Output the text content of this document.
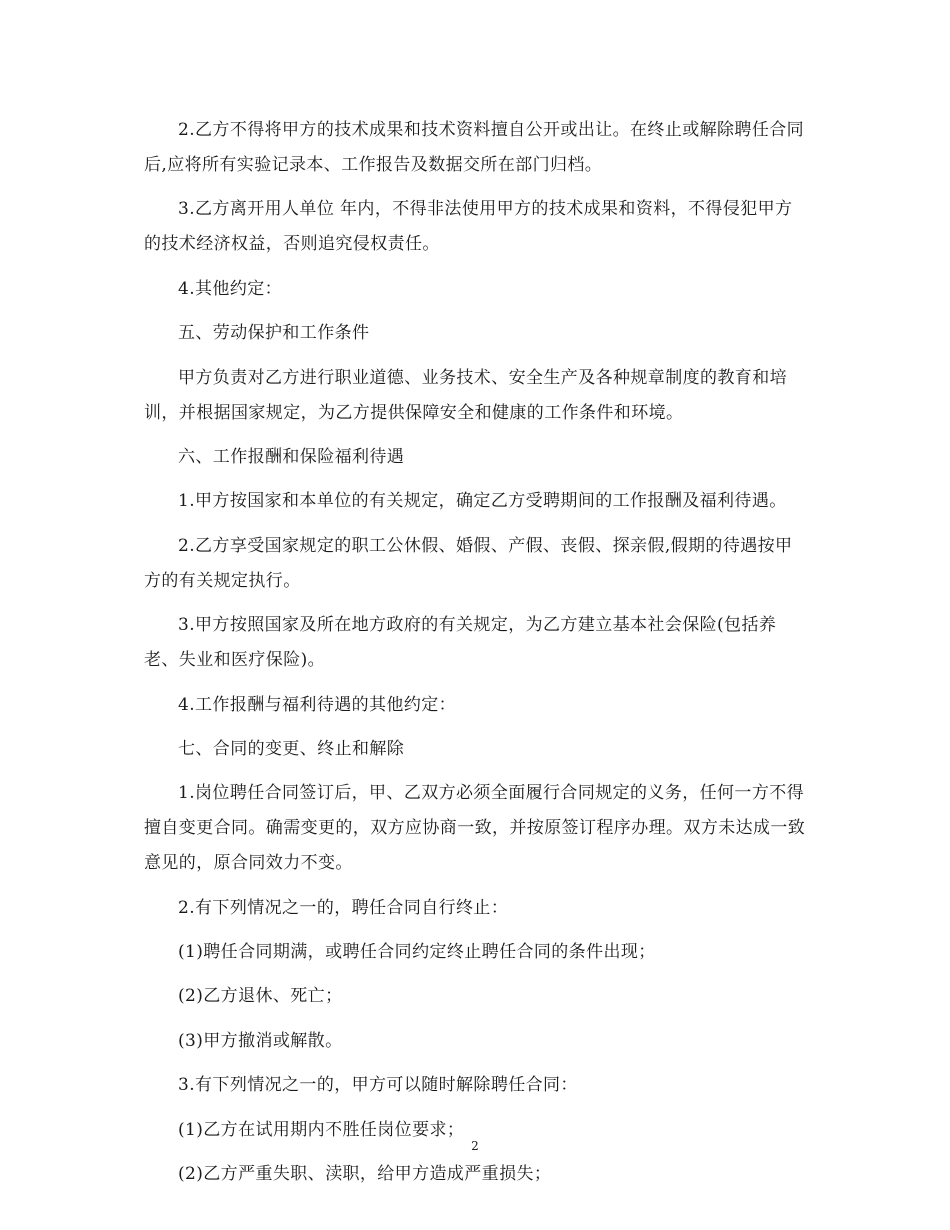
2.乙方不得将甲方的技术成果和技术资料擅自公开或出让。在终止或解除聘任合同后,应将所有实验记录本、工作报告及数据交所在部门归档。

3.乙方离开用人单位 年内，不得非法使用甲方的技术成果和资料，不得侵犯甲方的技术经济权益，否则追究侵权责任。

4.其他约定：

五、劳动保护和工作条件

甲方负责对乙方进行职业道德、业务技术、安全生产及各种规章制度的教育和培训，并根据国家规定，为乙方提供保障安全和健康的工作条件和环境。

六、工作报酬和保险福利待遇

1.甲方按国家和本单位的有关规定，确定乙方受聘期间的工作报酬及福利待遇。

2.乙方享受国家规定的职工公休假、婚假、产假、丧假、探亲假,假期的待遇按甲方的有关规定执行。

3.甲方按照国家及所在地方政府的有关规定，为乙方建立基本社会保险(包括养老、失业和医疗保险)。

4.工作报酬与福利待遇的其他约定：

七、合同的变更、终止和解除

1.岗位聘任合同签订后，甲、乙双方必须全面履行合同规定的义务，任何一方不得擅自变更合同。确需变更的，双方应协商一致，并按原签订程序办理。双方未达成一致意见的，原合同效力不变。

2.有下列情况之一的，聘任合同自行终止：

(1)聘任合同期满，或聘任合同约定终止聘任合同的条件出现；

(2)乙方退休、死亡；

(3)甲方撤消或解散。

3.有下列情况之一的，甲方可以随时解除聘任合同：

(1)乙方在试用期内不胜任岗位要求；

(2)乙方严重失职、渎职，给甲方造成严重损失；

2
